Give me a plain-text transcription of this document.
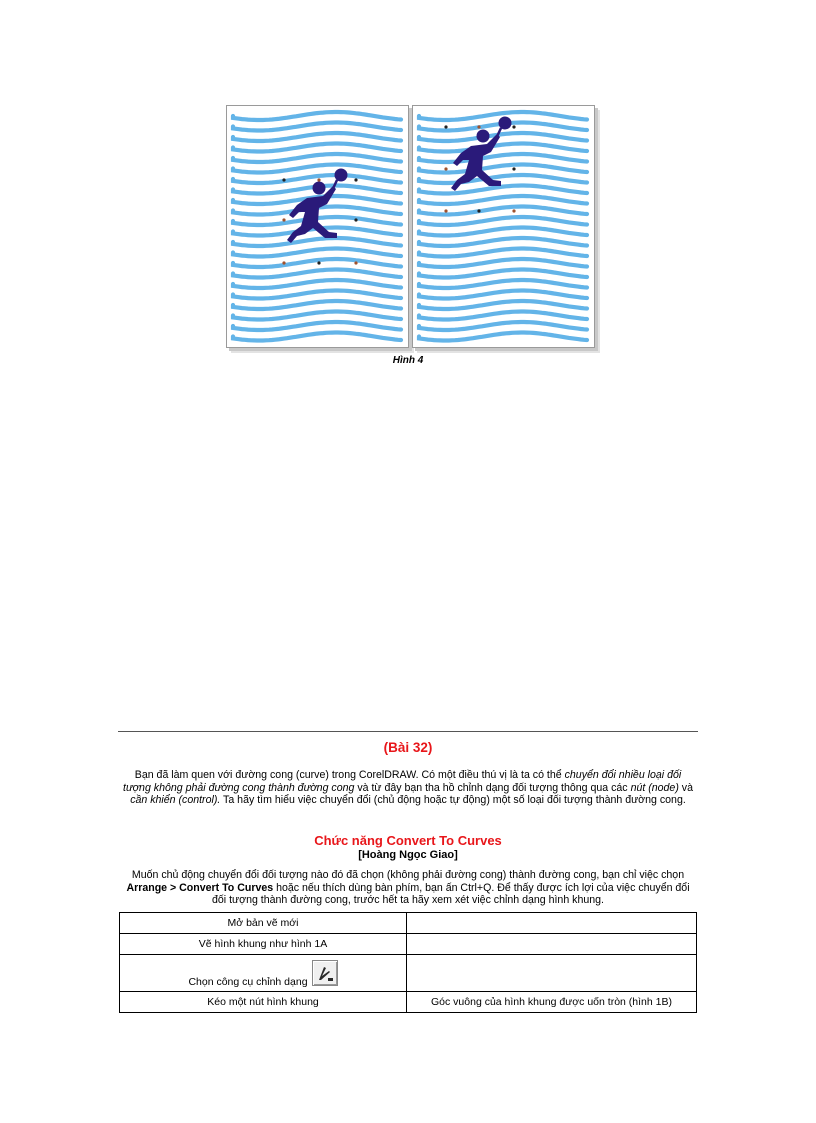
Hình 4
(Bài 32)
Bạn đã làm quen với đường cong (curve) trong CorelDRAW. Có một điều thú vị là ta có thể chuyển đổi nhiều loại đối tượng không phải đường cong thành đường cong và từ đây bạn tha hồ chỉnh dạng đối tượng thông qua các nút (node) và cần khiển (control). Ta hãy tìm hiểu việc chuyển đổi (chủ động hoặc tự động) một số loại đối tượng thành đường cong.
Chức năng Convert To Curves
[Hoàng Ngọc Giao]
Muốn chủ động chuyển đổi đối tượng nào đó đã chọn (không phải đường cong) thành đường cong, bạn chỉ việc chọn Arrange > Convert To Curves hoặc nếu thích dùng bàn phím, bạn ấn Ctrl+Q. Để thấy được ích lợi của việc chuyển đổi đối tượng thành đường cong, trước hết ta hãy xem xét việc chỉnh dạng hình khung.
Mở bản vẽ mới	
Vẽ hình khung như hình 1A	
Chọn công cụ chỉnh dạng	
Kéo một nút hình khung	Góc vuông của hình khung được uốn tròn (hình 1B)
